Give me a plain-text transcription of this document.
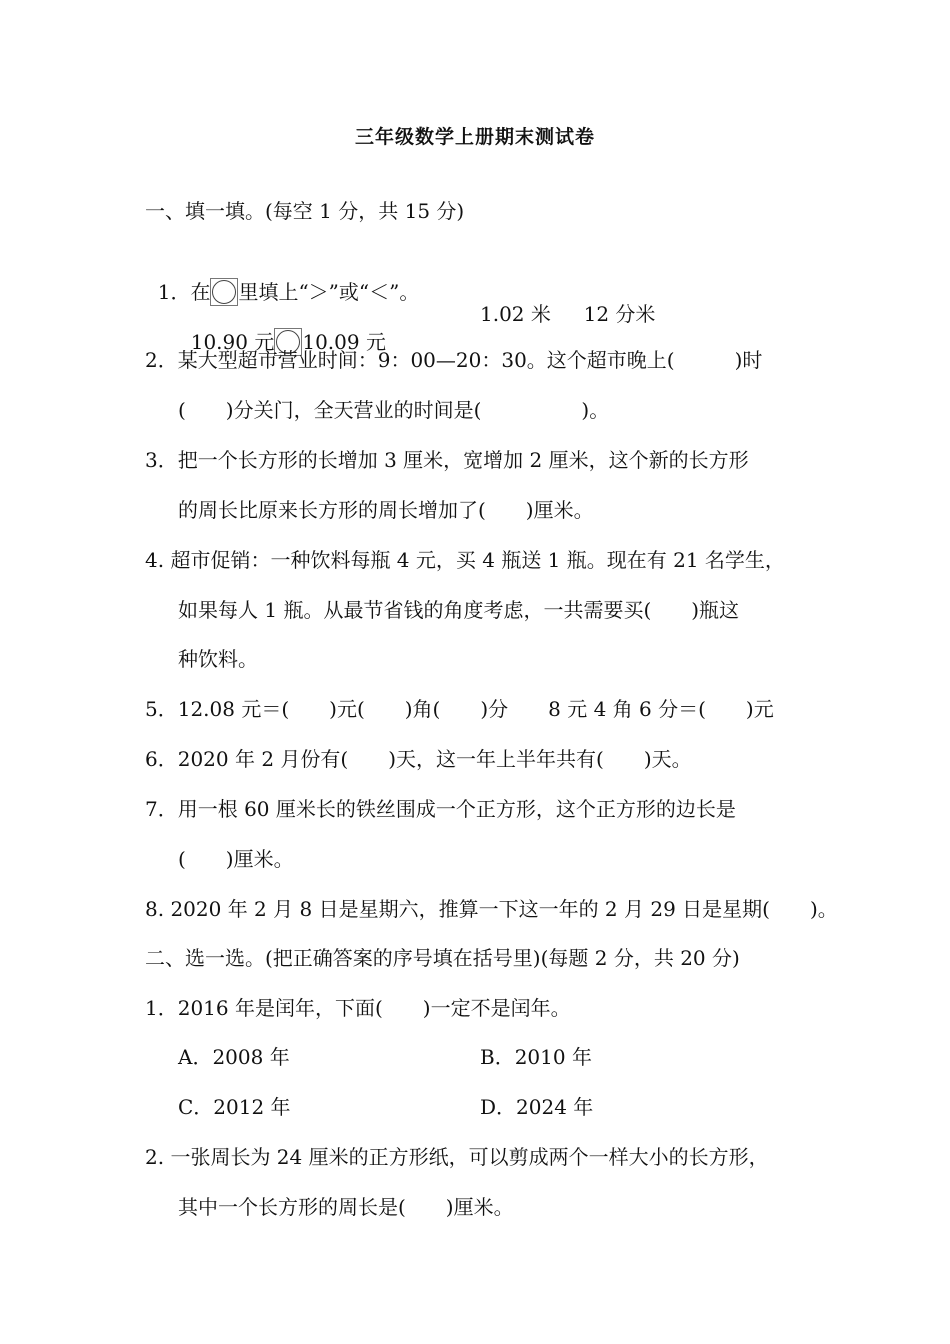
三年级数学上册期末测试卷
一、填一填。(每空 1 分，共 15 分)

1．在 里填上“＞”或“＜”。

10.90 元 10.09 元

1.02 米　  12 分米
2．某大型超市营业时间：9：00—20：30。这个超市晚上(　　　)时
(　　)分关门，全天营业的时间是(　　　　　)。
3．把一个长方形的长增加 3 厘米，宽增加 2 厘米，这个新的长方形
的周长比原来长方形的周长增加了(　　)厘米。
4. 超市促销：一种饮料每瓶 4 元，买 4 瓶送 1 瓶。现在有 21 名学生，
如果每人 1 瓶。从最节省钱的角度考虑，一共需要买(　　)瓶这
种饮料。
5．12.08 元＝(　　)元(　　)角(　　)分　　8 元 4 角 6 分＝(　　)元
6．2020 年 2 月份有(　　)天，这一年上半年共有(　　)天。
7．用一根 60 厘米长的铁丝围成一个正方形，这个正方形的边长是
(　　)厘米。
8. 2020 年 2 月 8 日是星期六，推算一下这一年的 2 月 29 日是星期(　　)。
二、选一选。(把正确答案的序号填在括号里)(每题 2 分，共 20 分)
1．2016 年是闰年，下面(　　)一定不是闰年。
A．2008 年	B．2010 年
C．2012 年	D．2024 年
2. 一张周长为 24 厘米的正方形纸，可以剪成两个一样大小的长方形，
其中一个长方形的周长是(　　)厘米。
